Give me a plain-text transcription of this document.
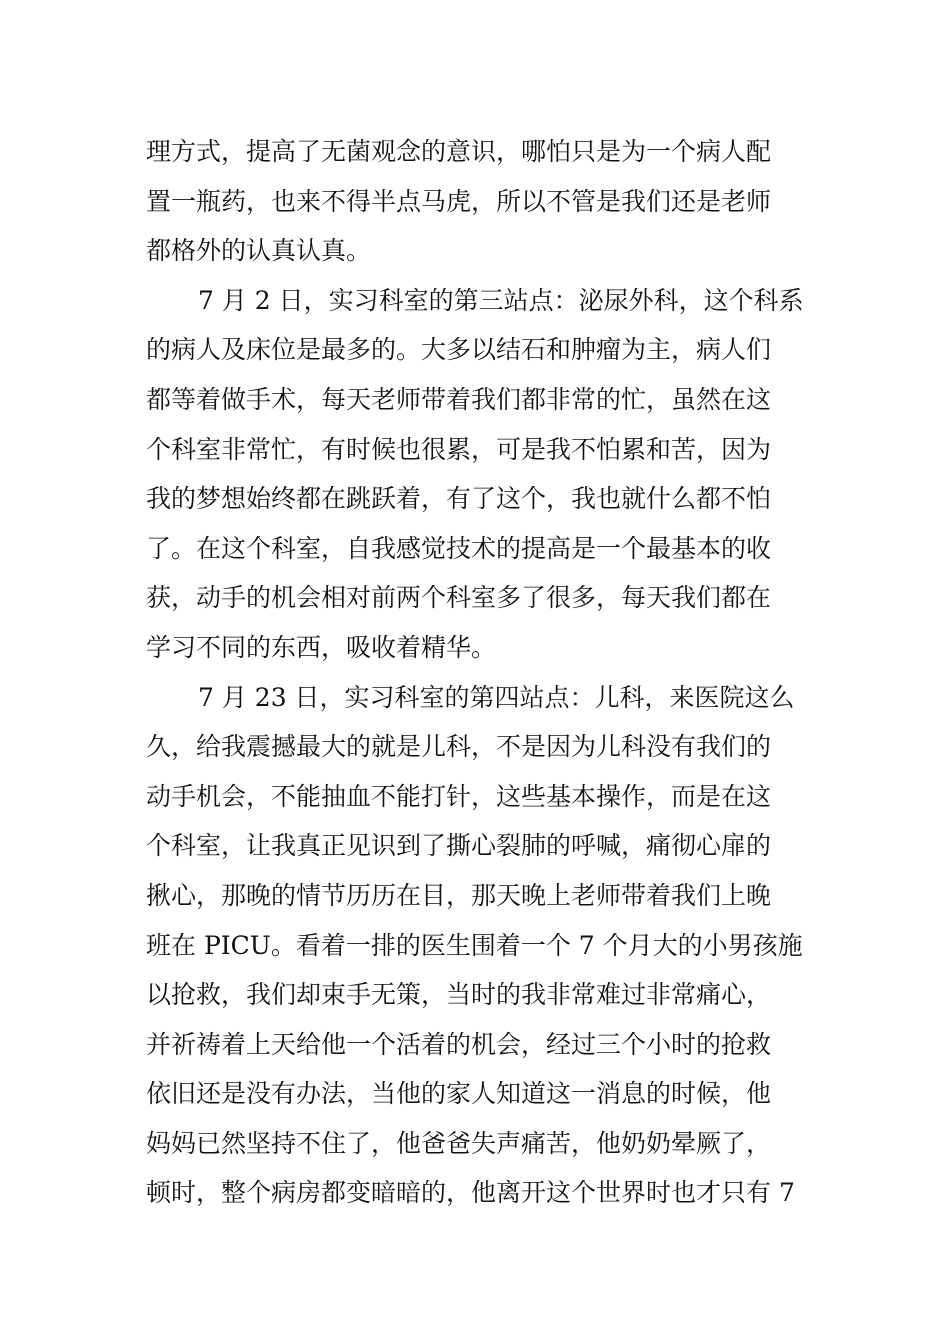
理方式，提高了无菌观念的意识，哪怕只是为一个病人配
置一瓶药，也来不得半点马虎，所以不管是我们还是老师
都格外的认真认真。
7 月 2 日，实习科室的第三站点：泌尿外科，这个科系
的病人及床位是最多的。大多以结石和肿瘤为主，病人们
都等着做手术，每天老师带着我们都非常的忙，虽然在这
个科室非常忙，有时候也很累，可是我不怕累和苦，因为
我的梦想始终都在跳跃着，有了这个，我也就什么都不怕
了。在这个科室，自我感觉技术的提高是一个最基本的收
获，动手的机会相对前两个科室多了很多，每天我们都在
学习不同的东西，吸收着精华。
7 月 23 日，实习科室的第四站点：儿科，来医院这么
久，给我震撼最大的就是儿科，不是因为儿科没有我们的
动手机会，不能抽血不能打针，这些基本操作，而是在这
个科室，让我真正见识到了撕心裂肺的呼喊，痛彻心扉的
揪心，那晚的情节历历在目，那天晚上老师带着我们上晚
班在 PICU。看着一排的医生围着一个 7 个月大的小男孩施
以抢救，我们却束手无策，当时的我非常难过非常痛心，
并祈祷着上天给他一个活着的机会，经过三个小时的抢救
依旧还是没有办法，当他的家人知道这一消息的时候，他
妈妈已然坚持不住了，他爸爸失声痛苦，他奶奶晕厥了，
顿时，整个病房都变暗暗的，他离开这个世界时也才只有 7
